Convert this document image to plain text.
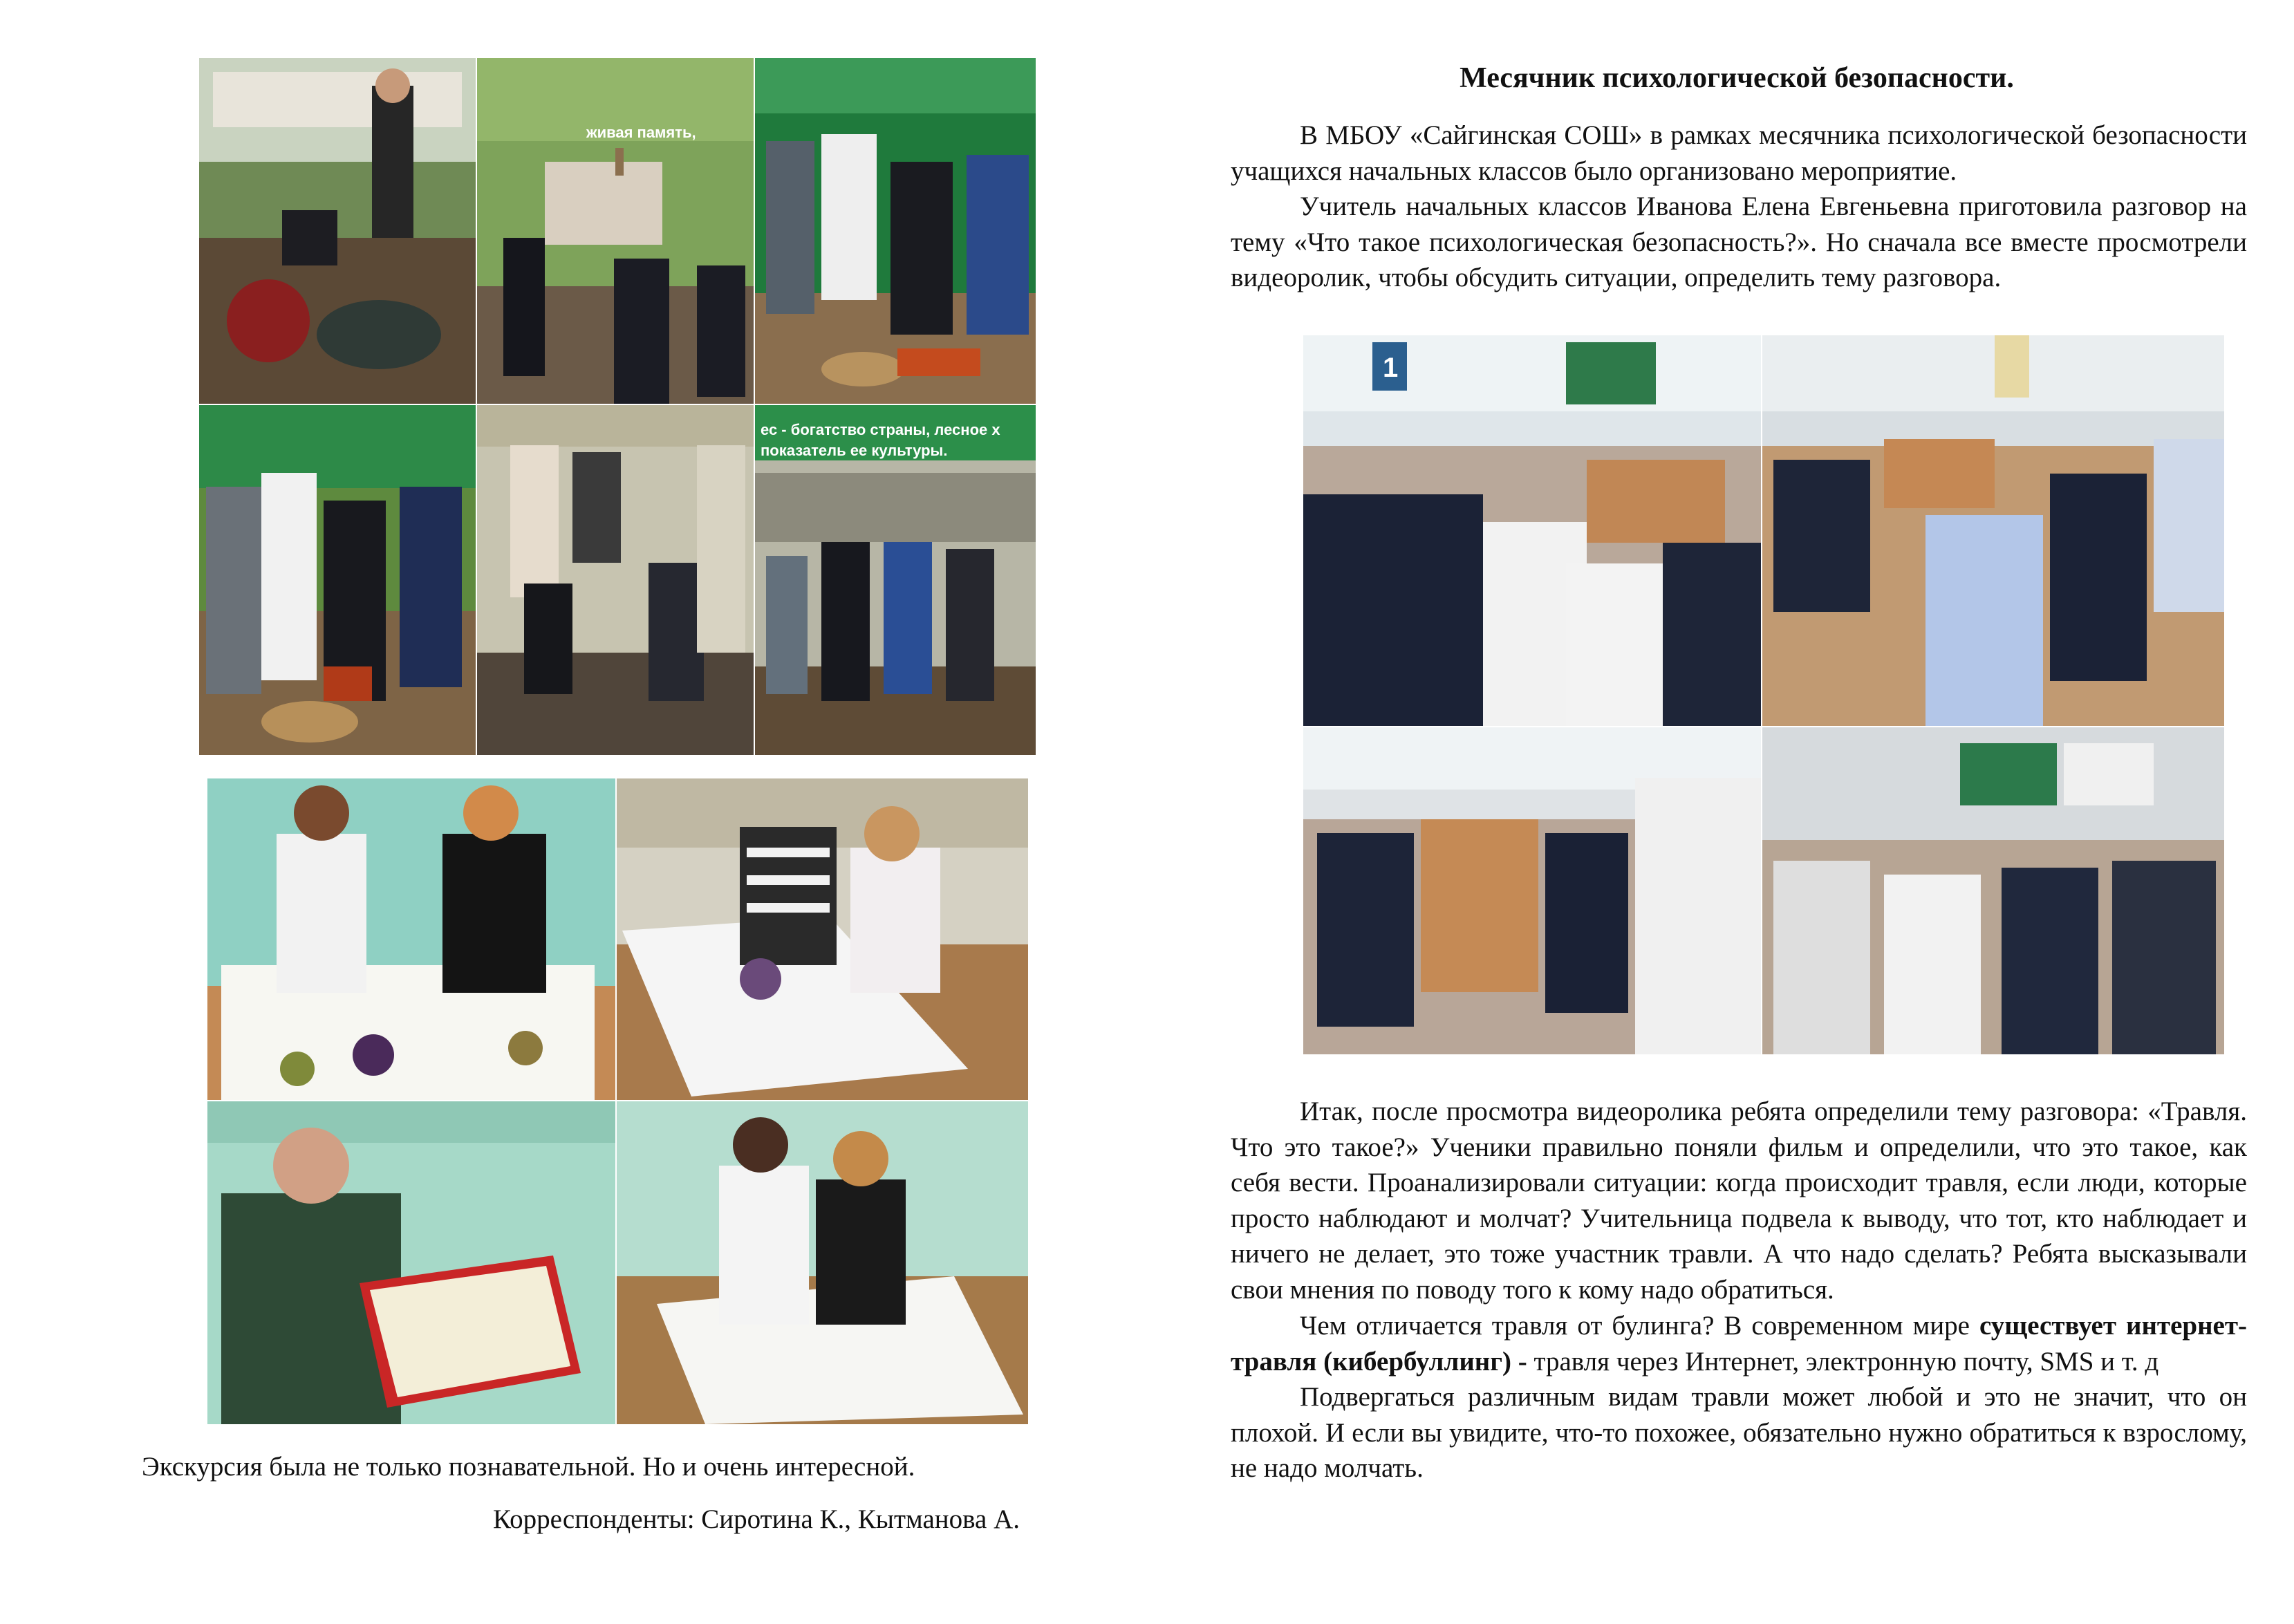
ес - богатство страны, лесное х
показатель ее культуры.
живая память,
Экскурсия была не только познавательной. Но и очень интересной.
Корреспонденты: Сиротина К., Кытманова А.
Месячник психологической безопасности.

В МБОУ «Сайгинская СОШ» в рамках месячника психологической безопасности учащихся начальных классов было организовано мероприятие.

Учитель начальных классов Иванова Елена Евгеньевна приготовила разговор на тему «Что такое психологическая безопасность?». Но сначала все вместе просмотрели видеоролик, чтобы обсудить ситуации, определить тему разговора.

1

Итак, после просмотра видеоролика ребята определили тему разговора: «Травля. Что это такое?» Ученики правильно поняли фильм и определили, что это такое, как себя вести. Проанализировали ситуации: когда происходит травля, если люди, которые просто наблюдают и молчат? Учительница подвела к выводу, что тот, кто наблюдает и ничего не делает, это тоже участник травли. А что надо сделать? Ребята высказывали свои мнения по поводу того к кому надо обратиться.

Чем отличается травля от булинга? В современном мире существует интернет-травля (кибербуллинг) - травля через Интернет, электронную почту, SMS и т. д

Подвергаться различным видам травли может любой и это не значит, что он плохой. И если вы увидите, что-то похожее, обязательно нужно обратиться к взрослому, не надо молчать.
